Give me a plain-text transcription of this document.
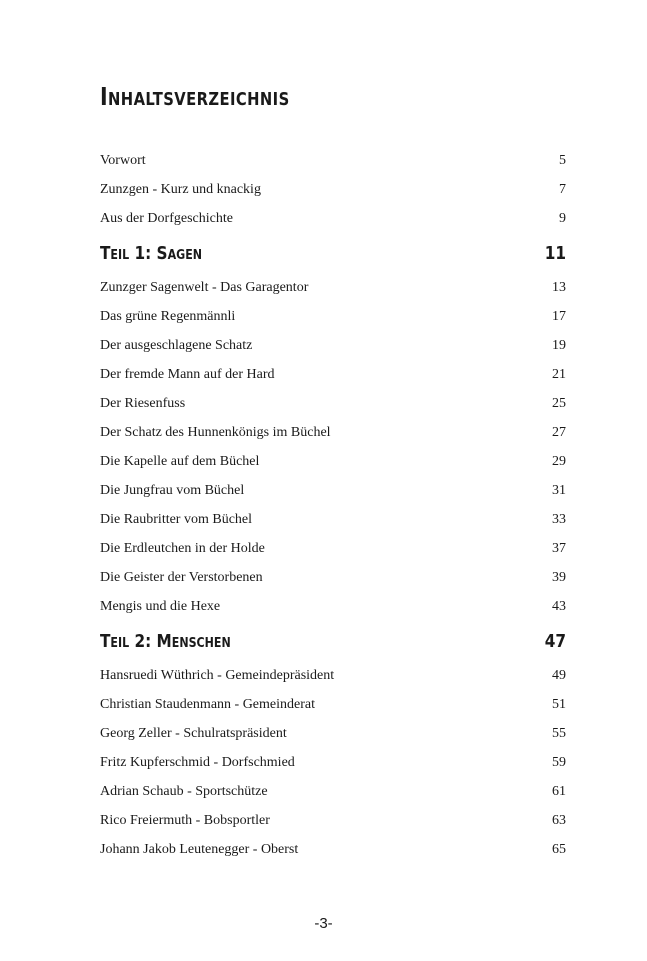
Inhaltsverzeichnis
Vorwort	5
Zunzgen - Kurz und knackig	7
Aus der Dorfgeschichte	9
Teil 1: Sagen	11
Zunzger Sagenwelt - Das Garagentor	13
Das grüne Regenmännli	17
Der ausgeschlagene Schatz	19
Der fremde Mann auf der Hard	21
Der Riesenfuss	25
Der Schatz des Hunnenkönigs im Büchel	27
Die Kapelle auf dem Büchel	29
Die Jungfrau vom Büchel	31
Die Raubritter vom Büchel	33
Die Erdleutchen in der Holde	37
Die Geister der Verstorbenen	39
Mengis und die Hexe	43
Teil 2: Menschen	47
Hansruedi Wüthrich - Gemeindepräsident	49
Christian Staudenmann - Gemeinderat	51
Georg Zeller - Schulratspräsident	55
Fritz Kupferschmid - Dorfschmied	59
Adrian Schaub - Sportschütze	61
Rico Freiermuth - Bobsportler	63
Johann Jakob Leutenegger - Oberst	65
-3-
